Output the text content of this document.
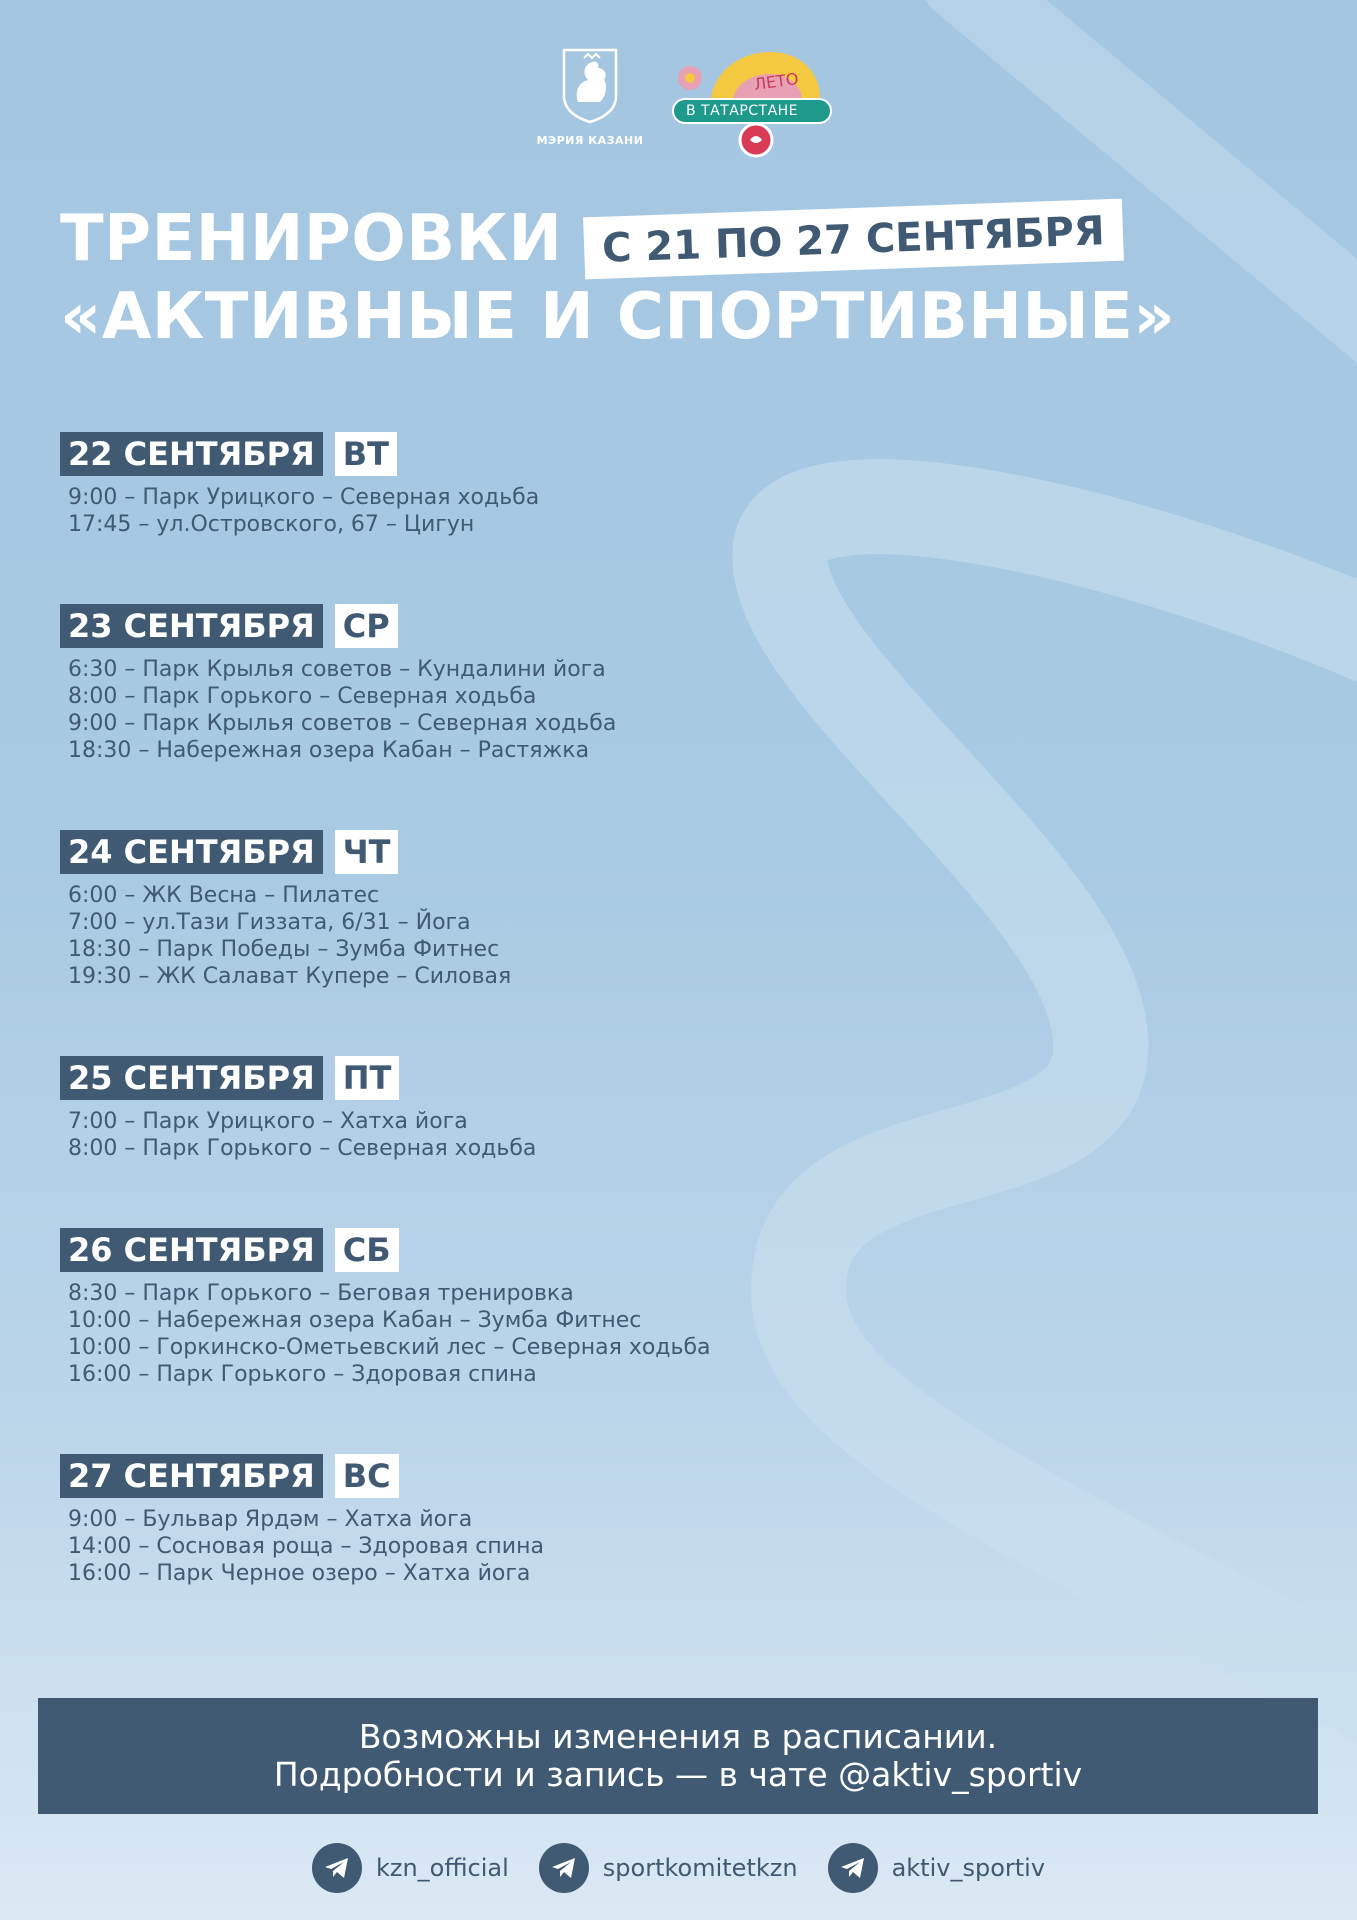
МЭРИЯ КАЗАНИ
ЛЕТО
В ТАТАРСТАНЕ
ТРЕНИРОВКИ С 21 ПО 27 СЕНТЯБРЯ
«АКТИВНЫЕ И СПОРТИВНЫЕ»
22 СЕНТЯБРЯ ВТ
9:00 – Парк Урицкого – Северная ходьба
17:45 – ул.Островского, 67 – Цигун
23 СЕНТЯБРЯ СР
6:30 – Парк Крылья советов – Кундалини йога
8:00 – Парк Горького – Северная ходьба
9:00 – Парк Крылья советов – Северная ходьба
18:30 – Набережная озера Кабан – Растяжка
24 СЕНТЯБРЯ ЧТ
6:00 – ЖК Весна – Пилатес
7:00 – ул.Тази Гиззата, 6/31 – Йога
18:30 – Парк Победы – Зумба Фитнес
19:30 – ЖК Салават Купере – Силовая
25 СЕНТЯБРЯ ПТ
7:00 – Парк Урицкого – Хатха йога
8:00 – Парк Горького – Северная ходьба
26 СЕНТЯБРЯ СБ
8:30 – Парк Горького – Беговая тренировка
10:00 – Набережная озера Кабан – Зумба Фитнес
10:00 – Горкинско-Ометьевский лес – Северная ходьба
16:00 – Парк Горького – Здоровая спина
27 СЕНТЯБРЯ ВС
9:00 – Бульвар Ярдәм – Хатха йога
14:00 – Сосновая роща – Здоровая спина
16:00 – Парк Черное озеро – Хатха йога
Возможны изменения в расписании.
Подробности и запись — в чате @aktiv_sportiv
kzn_official	sportkomitetkzn	aktiv_sportiv
